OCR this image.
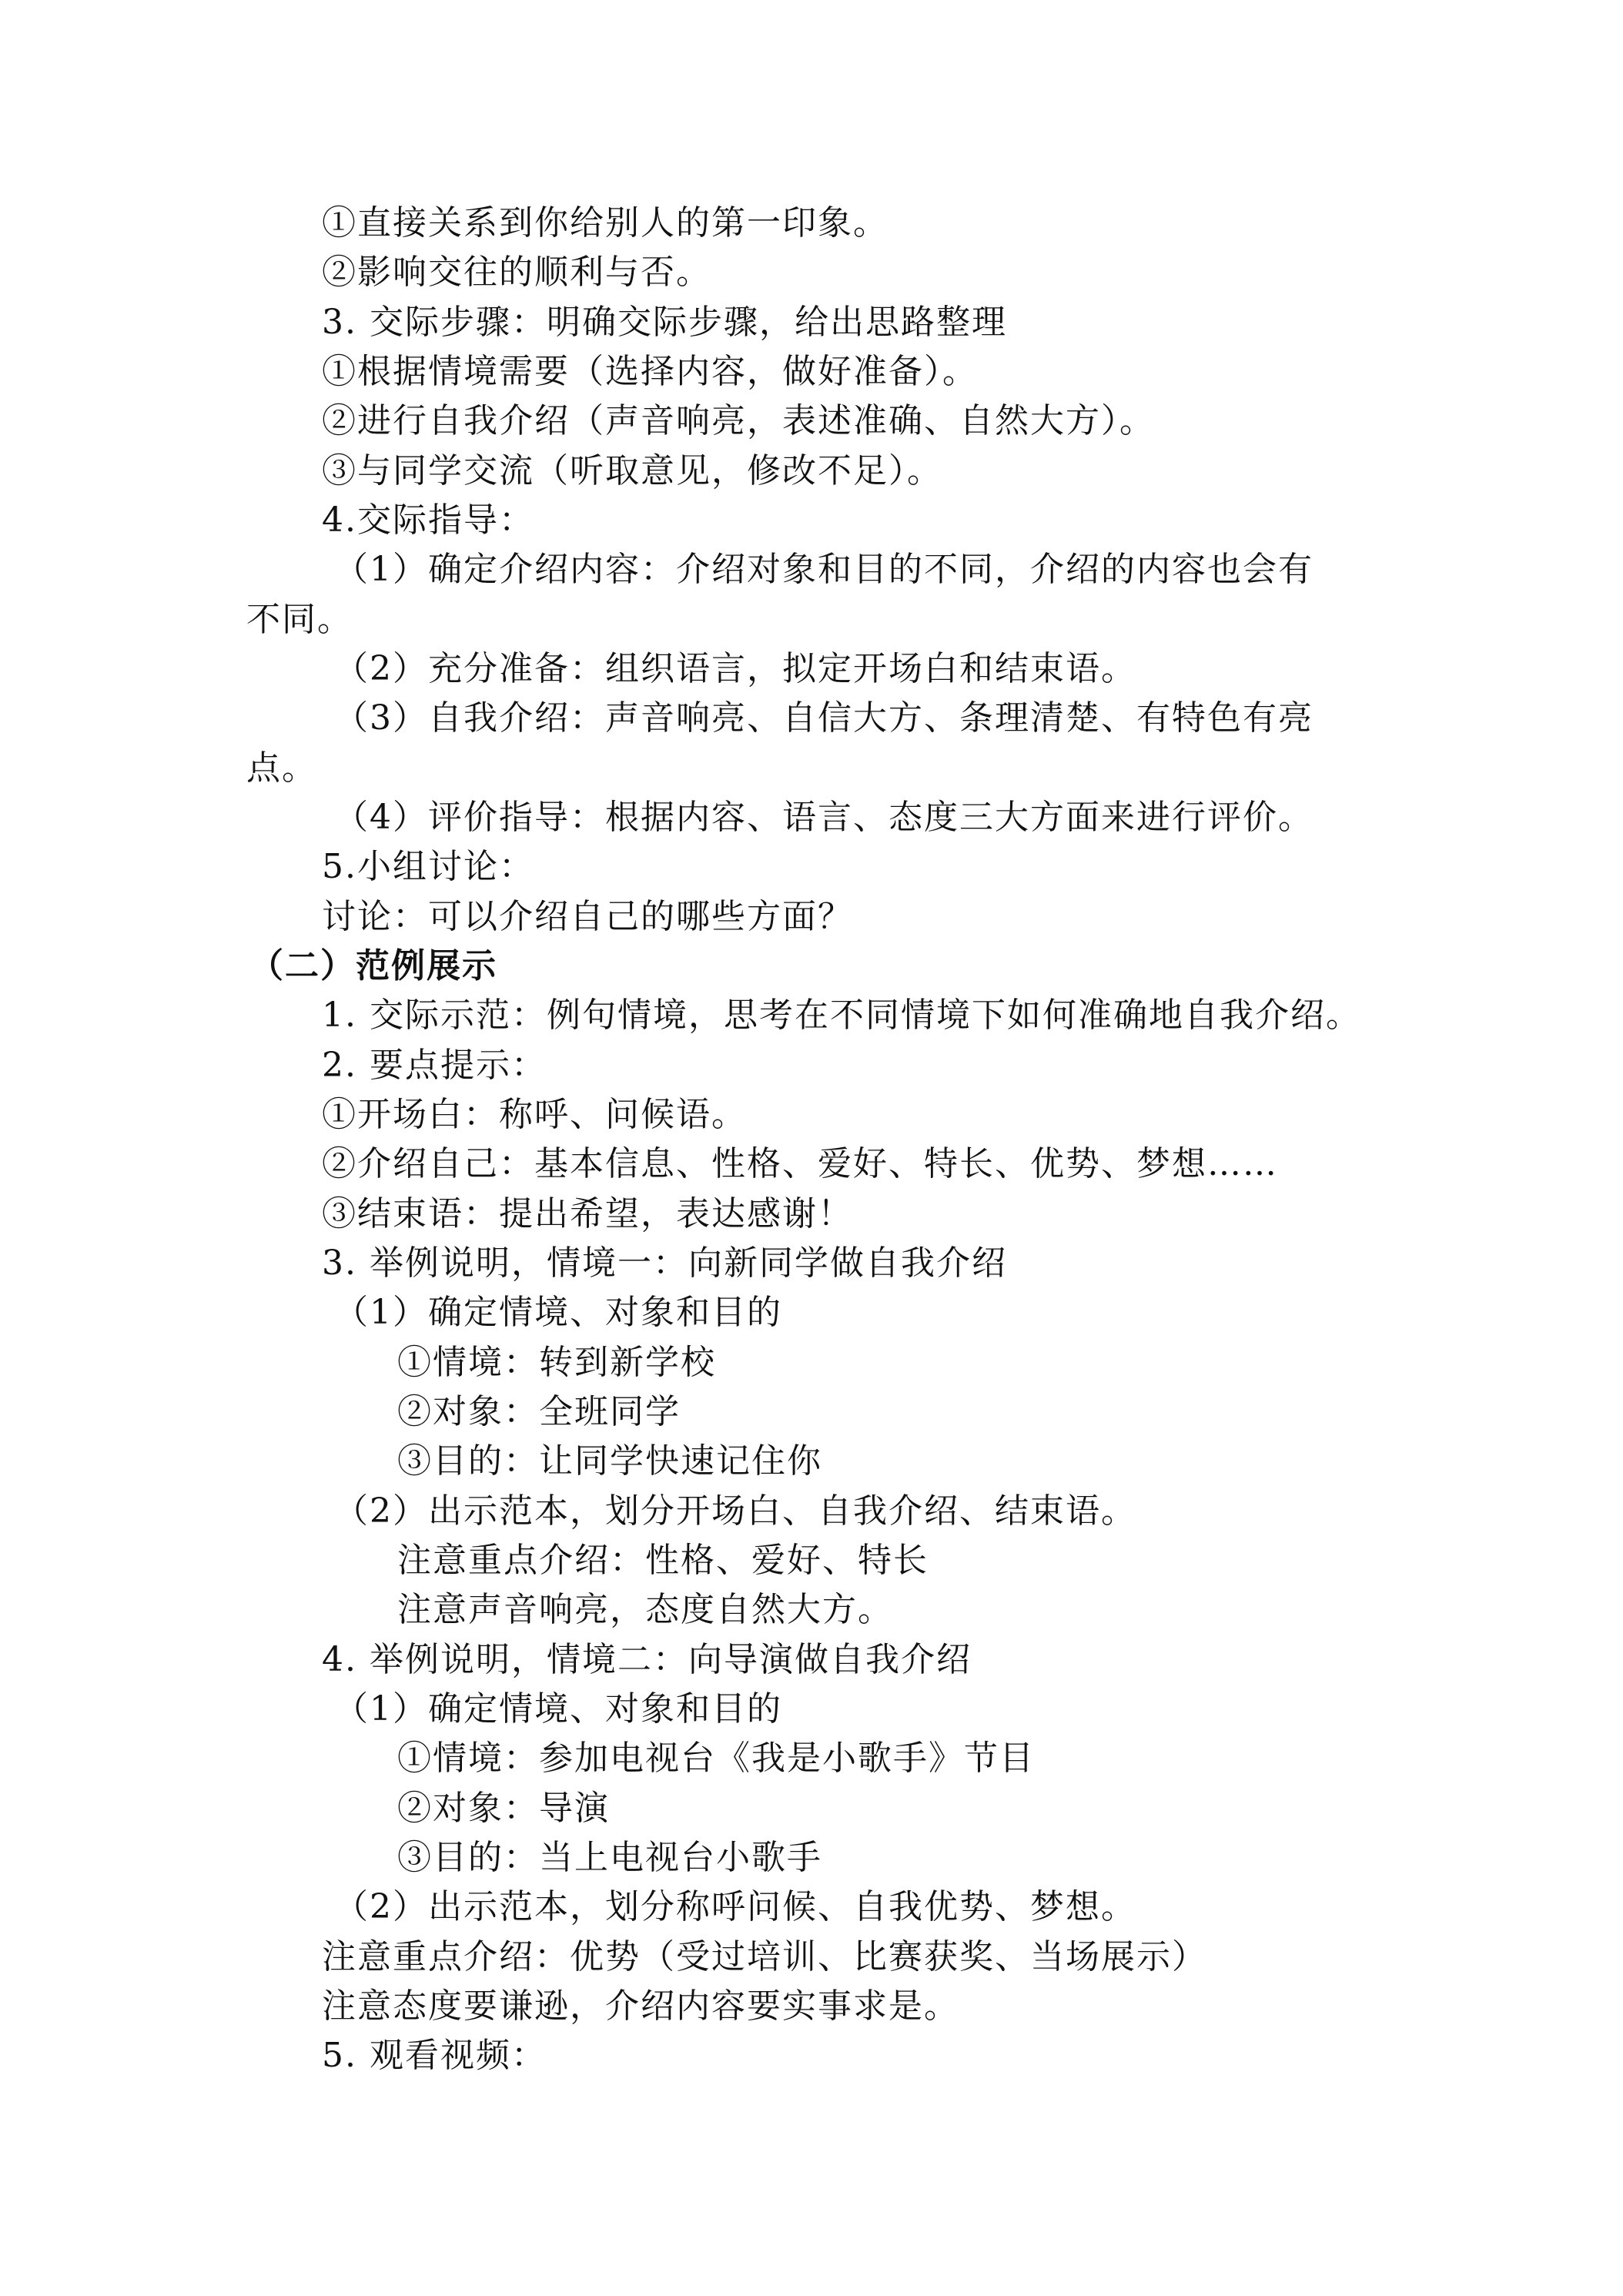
①直接关系到你给别人的第一印象。
②影响交往的顺利与否。
3. 交际步骤：明确交际步骤，给出思路整理
①根据情境需要（选择内容，做好准备）。
②进行自我介绍（声音响亮，表述准确、自然大方）。
③与同学交流（听取意见，修改不足）。
4.交际指导：
（1）确定介绍内容：介绍对象和目的不同，介绍的内容也会有
不同。
（2）充分准备：组织语言，拟定开场白和结束语。
（3）自我介绍：声音响亮、自信大方、条理清楚、有特色有亮
点。
（4）评价指导：根据内容、语言、态度三大方面来进行评价。
5.小组讨论：
讨论：可以介绍自己的哪些方面？
（二）范例展示
1. 交际示范：例句情境，思考在不同情境下如何准确地自我介绍。
2. 要点提示：
①开场白：称呼、问候语。
②介绍自己：基本信息、性格、爱好、特长、优势、梦想……
③结束语：提出希望，表达感谢！
3. 举例说明，情境一：向新同学做自我介绍
（1）确定情境、对象和目的
①情境：转到新学校
②对象：全班同学
③目的：让同学快速记住你
（2）出示范本，划分开场白、自我介绍、结束语。
注意重点介绍：性格、爱好、特长
注意声音响亮，态度自然大方。
4. 举例说明，情境二：向导演做自我介绍
（1）确定情境、对象和目的
①情境：参加电视台《我是小歌手》节目
②对象：导演
③目的：当上电视台小歌手
（2）出示范本，划分称呼问候、自我优势、梦想。
注意重点介绍：优势（受过培训、比赛获奖、当场展示）
注意态度要谦逊，介绍内容要实事求是。
5. 观看视频：
